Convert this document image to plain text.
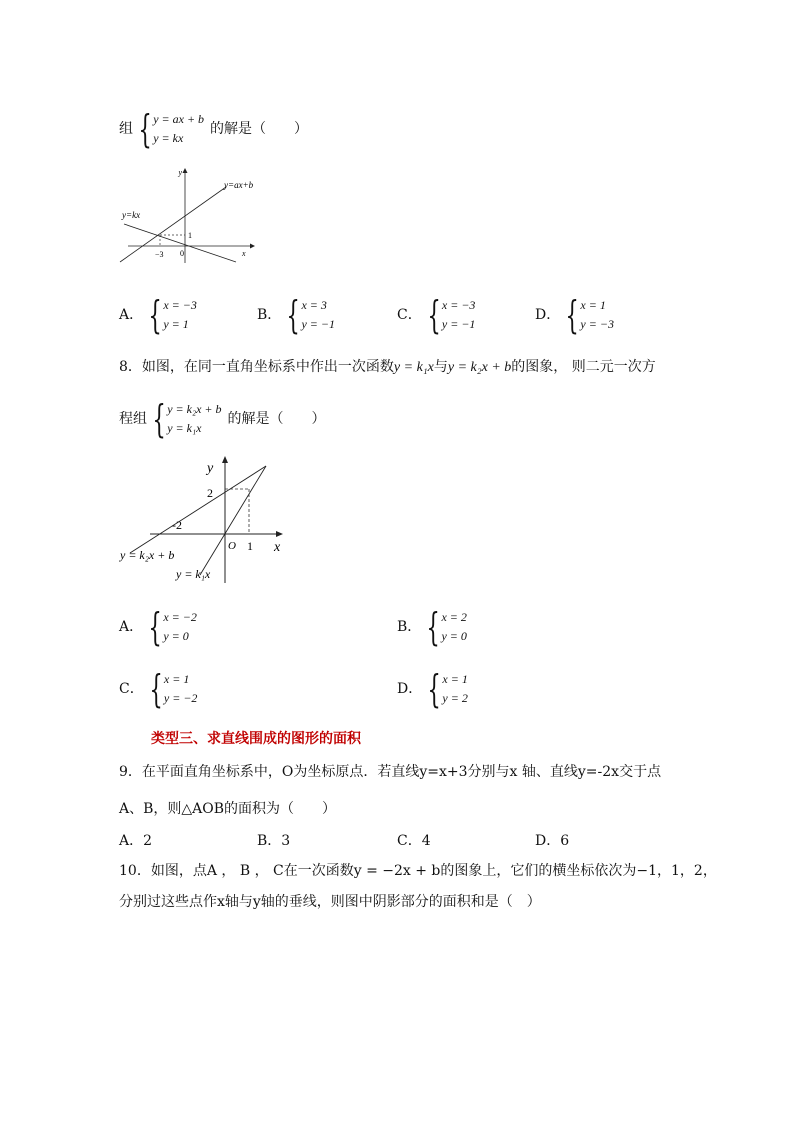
组 { y = ax + b
y = kx
的解是（　　）
y=ax+b
y=kx
y
x
−3 0
1
A． { x = −3
y = 1
B． { x = 3
y = −1
C． { x = −3
y = −1
D． { x = 1
y = −3
8．如图，在同一直角坐标系中作出一次函数y = k₁x与y = k₂x + b的图象， 则二元一次方
程组 { y = k₂x + b
y = k₁x
的解是（　　）
y
x
2
-2
O 1
y = k₂x + b
y = k₁x
A． { x = −2
y = 0
B． { x = 2
y = 0
C． { x = 1
y = −2
D． { x = 1
y = 2
类型三、求直线围成的图形的面积
9．在平面直角坐标系中，O为坐标原点．若直线y=x+3分别与x 轴、直线y=-2x交于点
A、B，则△AOB的面积为（　　）
A．2	B．3	C．4	D．6
10．如图，点A ， B ， C在一次函数y = −2x + b的图象上，它们的横坐标依次为−1，1，2，
分别过这些点作x轴与y轴的垂线，则图中阴影部分的面积和是（　）
